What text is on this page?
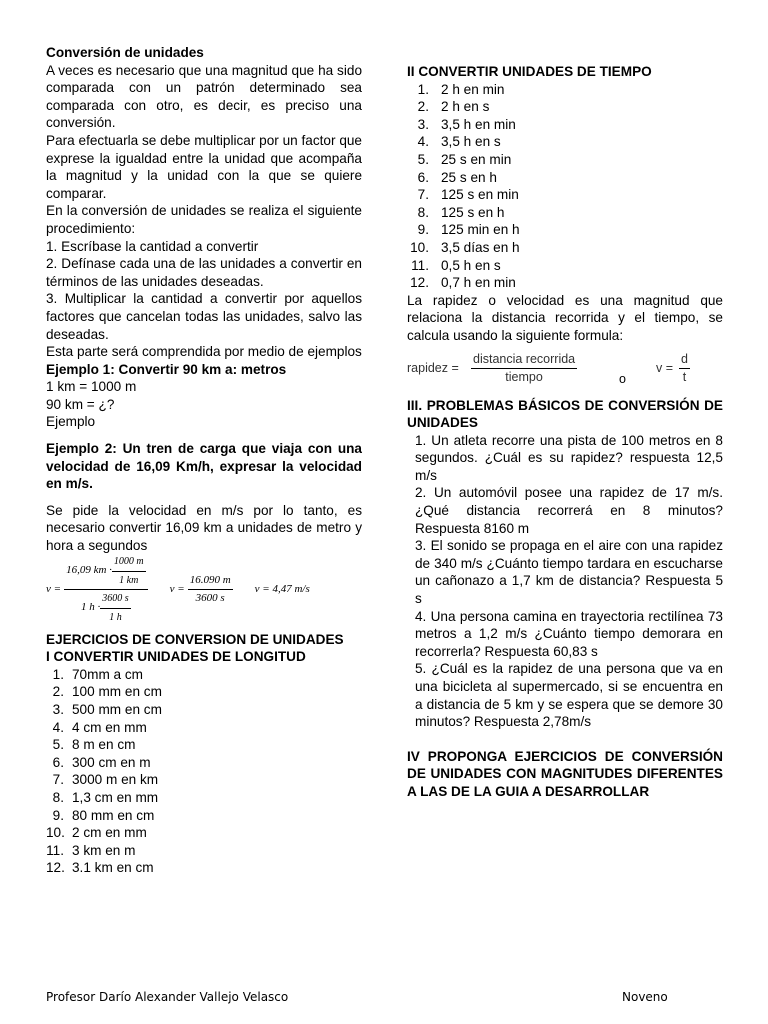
Conversión de unidades

A veces es necesario que una magnitud que ha sido comparada con un patrón determinado sea comparada con otro, es decir, es preciso una conversión.

Para efectuarla se debe multiplicar por un factor que exprese la igualdad entre la unidad que acompaña la magnitud y la unidad con la que se quiere comparar.

En la conversión de unidades se realiza el siguiente procedimiento:

1. Escríbase la cantidad a convertir

2. Defínase cada una de las unidades a convertir en términos de las unidades deseadas.

3. Multiplicar la cantidad a convertir por aquellos factores que cancelan todas las unidades, salvo las deseadas.

Esta parte será comprendida por medio de ejemplos

Ejemplo 1: Convertir 90 km a: metros

1 km = 1000 m

90 km = ¿?

Ejemplo

Ejemplo 2: Un tren de carga que viaja con una velocidad de 16,09 Km/h, expresar la velocidad en m/s.

Se pide la velocidad en m/s por lo tanto, es necesario convertir 16,09 km a unidades de metro y hora a segundos

$v = \frac{16,09 km \cdot \frac{1000 m}{1 km}}{1 h \cdot \frac{3600 s}{1 h}}$ $v = \frac{16.090 m}{3600 s}$ v = 4,47 m/s

EJERCICIOS DE CONVERSION DE UNIDADES

I CONVERTIR UNIDADES DE LONGITUD

1. 70mm a cm
2. 100 mm en cm
3. 500 mm en cm
4. 4 cm en mm
5. 8 m en cm
6. 300 cm en m
7. 3000 m en km
8. 1,3 cm en mm
9. 80 mm en cm
10. 2 cm en mm
11. 3 km en m
12. 3.1 km en cm

II CONVERTIR UNIDADES DE TIEMPO

1. 2 h en min
2. 2 h en s
3. 3,5 h en min
4. 3,5 h en s
5. 25 s en min
6. 25 s en h
7. 125 s en min
8. 125 s en h
9. 125 min en h
10. 3,5 días en h
11. 0,5 h en s
12. 0,7 h en min

La rapidez o velocidad es una magnitud que relaciona la distancia recorrida y el tiempo, se calcula usando la siguiente formula:

rapidez =
distancia recorrida
tiempo	o
$v = \frac{d}{t}$

III. PROBLEMAS BÁSICOS DE CONVERSIÓN DE UNIDADES

1. Un atleta recorre una pista de 100 metros en 8 segundos. ¿Cuál es su rapidez? respuesta 12,5 m/s

2. Un automóvil posee una rapidez de 17 m/s. ¿Qué distancia recorrerá en 8 minutos? Respuesta 8160 m

3. El sonido se propaga en el aire con una rapidez de 340 m/s ¿Cuánto tiempo tardara en escucharse un cañonazo a 1,7 km de distancia? Respuesta 5 s

4. Una persona camina en trayectoria rectilínea 73 metros a 1,2 m/s ¿Cuánto tiempo demorara en recorrerla? Respuesta 60,83 s

5. ¿Cuál es la rapidez de una persona que va en una bicicleta al supermercado, si se encuentra en a distancia de 5 km y se espera que se demore 30 minutos? Respuesta 2,78m/s

IV PROPONGA EJERCICIOS DE CONVERSIÓN DE UNIDADES CON MAGNITUDES DIFERENTES A LAS DE LA GUIA A DESARROLLAR

Profesor Darío Alexander Vallejo Velasco	Noveno
